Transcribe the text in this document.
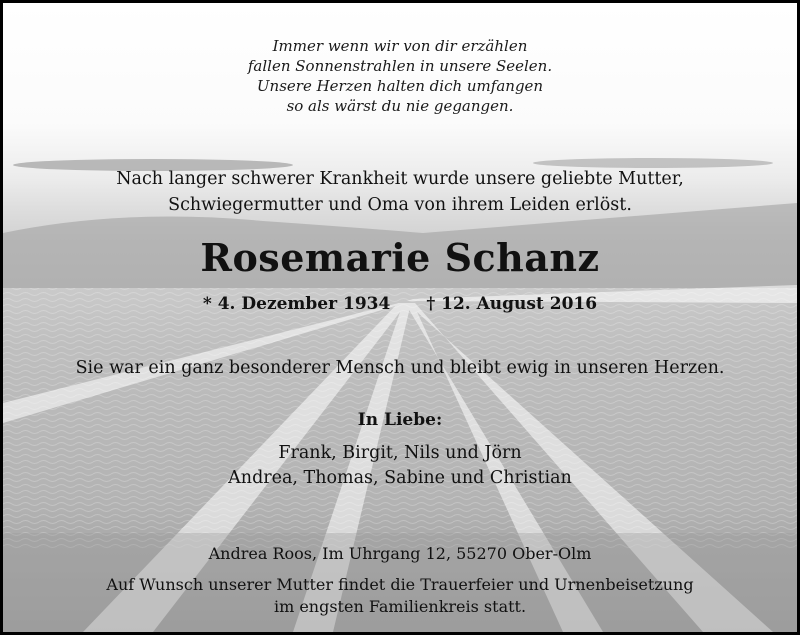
Immer wenn wir von dir erzählen
fallen Sonnenstrahlen in unsere Seelen.
Unsere Herzen halten dich umfangen
so als wärst du nie gegangen.
Nach langer schwerer Krankheit wurde unsere geliebte Mutter,
Schwiegermutter und Oma von ihrem Leiden erlöst.
Rosemarie Schanz
* 4. Dezember 1934 † 12. August 2016
Sie war ein ganz besonderer Mensch und bleibt ewig in unseren Herzen.
In Liebe:
Frank, Birgit, Nils und Jörn
Andrea, Thomas, Sabine und Christian
Andrea Roos, Im Uhrgang 12, 55270 Ober-Olm
Auf Wunsch unserer Mutter findet die Trauerfeier und Urnenbeisetzung
im engsten Familienkreis statt.
